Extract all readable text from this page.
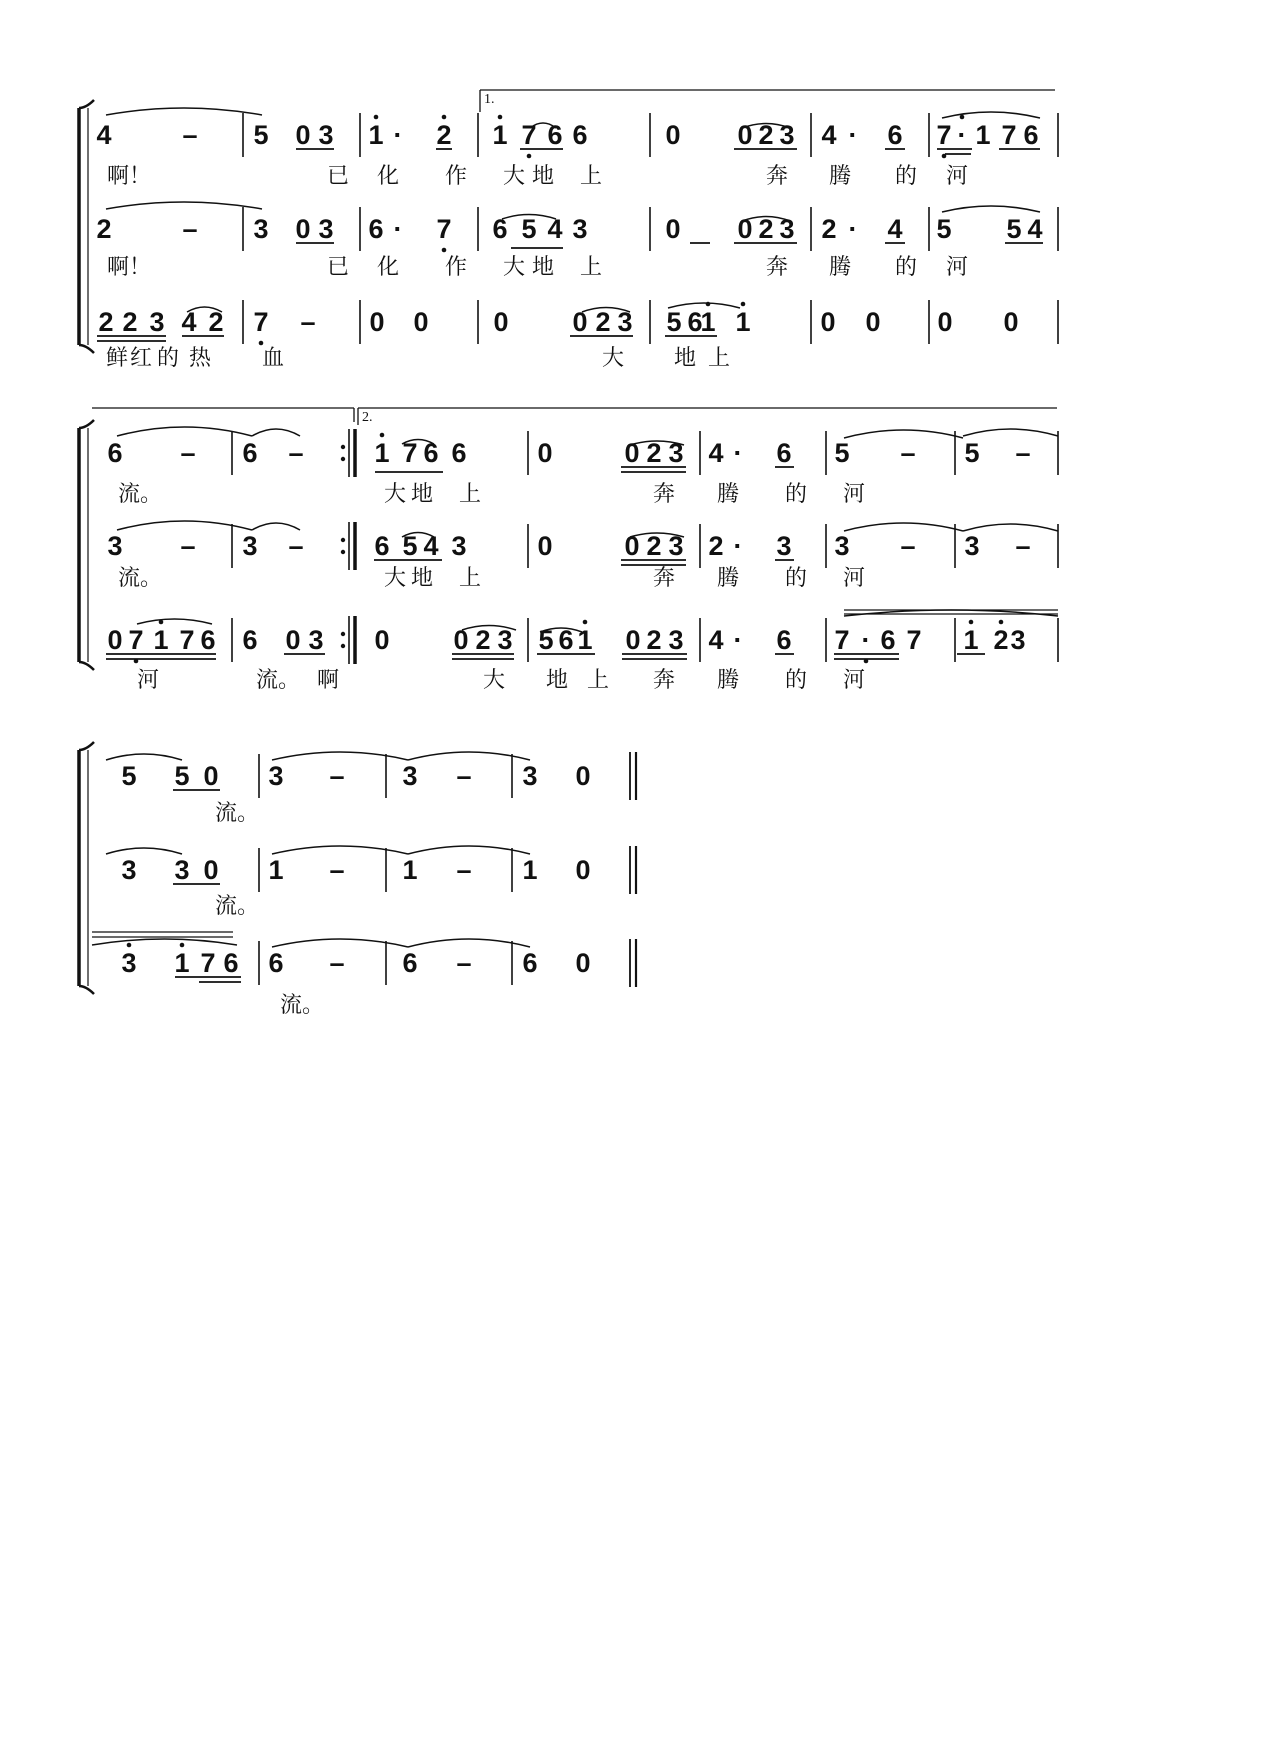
4	– 5 0 3 1 · 2 1 7 6 6	0 0 2 3 4 · 6 7 · 1 7 6
啊！	已 化 作 大 地 上	奔 腾 的 河
2	– 3 0 3 6 · 7 6 5 4 3	0 0 2 3 2 · 4 5 5 4
啊！	已 化 作 大 地 上	奔 腾 的 河
2 2 3 4 2 7 – 0 0 0 0 2 3 5 6
1 1	0 0 0 0
鲜 红 的 热 血	大 地 上
6 – 6 –	1 7 6 6	0	0 2 3 4 · 6 5 – 5 –
流。	大 地 上	奔 腾 的 河
3 – 3 –	6 5 4 3	0	0 2 3 2 · 3 3 – 3 –
流。	大 地 上	奔 腾 的 河
0 7 1 7 6 6 0 3 0 0 2 3 5 6 1 0 2 3 4 · 6 7 · 6 7 1 2 3
河	流。 啊	大 地 上 奔 腾 的 河
5 5 0 3 – 3 – 3 0
流。
3 3 0 1 – 1 – 1 0
流。
3 1 7 6 6 – 6 – 6 0
流。
1.
2.
